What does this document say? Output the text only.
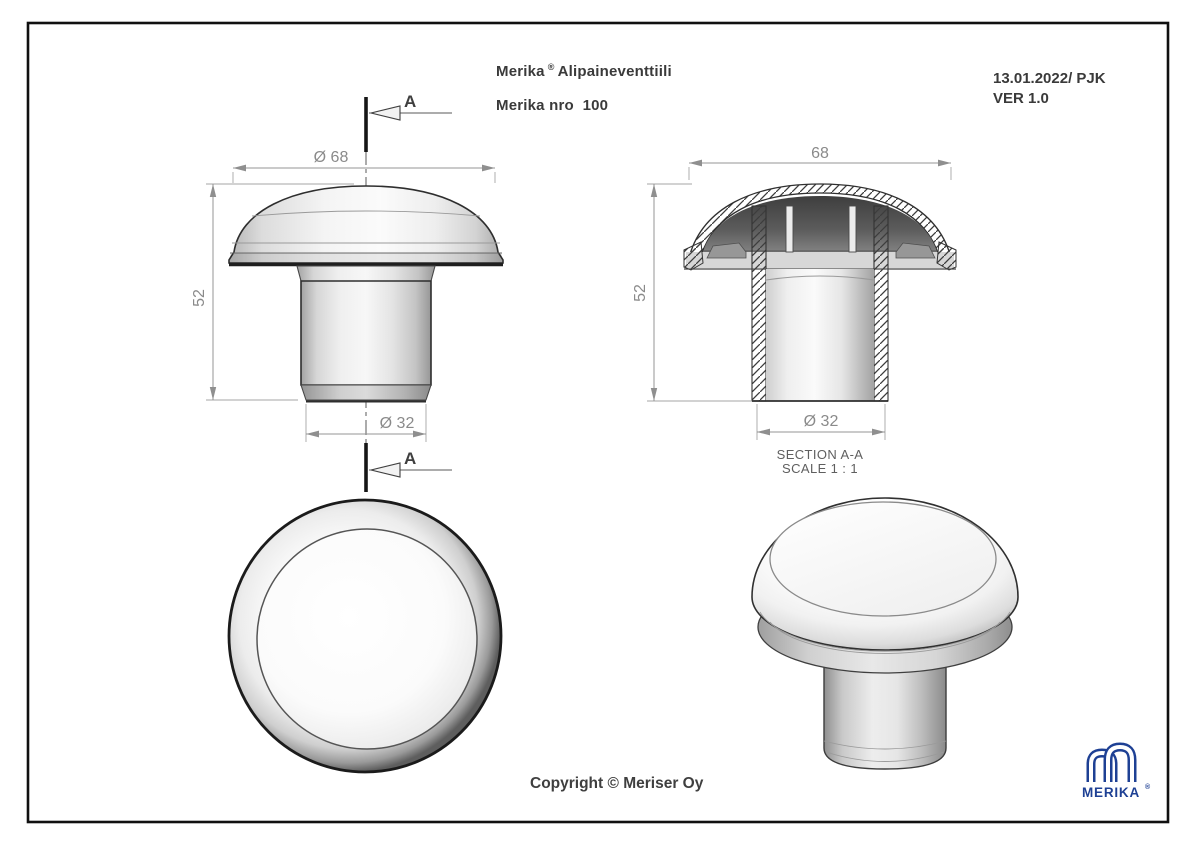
A
A
Ø 68
52
Ø 32
68
52
Ø 32
SECTION A-A
SCALE 1 : 1
Merika ® Alipaineventtiili
Merika nro  100
13.01.2022/ PJK
VER 1.0
Copyright © Meriser Oy
MERIKA ®
